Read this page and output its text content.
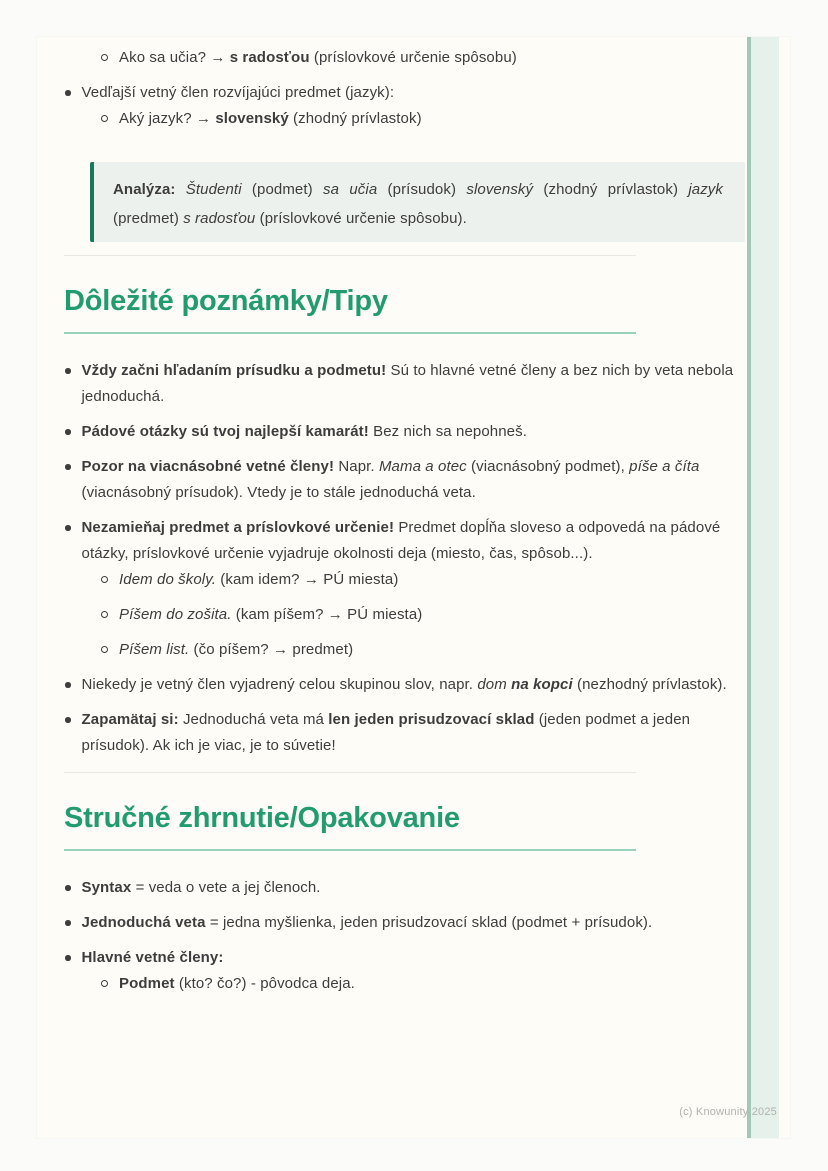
Ako sa učia? → s radosťou (príslovkové určenie spôsobu)
Vedľajší vetný člen rozvíjajúci predmet (jazyk):
Aký jazyk? → slovenský (zhodný prívlastok)

Analýza: Študenti (podmet) sa učia (prísudok) slovenský (zhodný prívlastok) jazyk (predmet) s radosťou (príslovkové určenie spôsobu).

Dôležité poznámky/Tipy
Vždy začni hľadaním prísudku a podmetu! Sú to hlavné vetné členy a bez nich by veta nebola jednoduchá.
Pádové otázky sú tvoj najlepší kamarát! Bez nich sa nepohneš.
Pozor na viacnásobné vetné členy! Napr. Mama a otec (viacnásobný podmet), píše a číta (viacnásobný prísudok). Vtedy je to stále jednoduchá veta.
Nezamieňaj predmet a príslovkové určenie! Predmet dopĺňa sloveso a odpovedá na pádové otázky, príslovkové určenie vyjadruje okolnosti deja (miesto, čas, spôsob...).
Idem do školy. (kam idem? → PÚ miesta)
Píšem do zošita. (kam píšem? → PÚ miesta)
Píšem list. (čo píšem? → predmet)
Niekedy je vetný člen vyjadrený celou skupinou slov, napr. dom na kopci (nezhodný prívlastok).
Zapamätaj si: Jednoduchá veta má len jeden prisudzovací sklad (jeden podmet a jeden prísudok). Ak ich je viac, je to súvetie!
Stručné zhrnutie/Opakovanie
Syntax = veda o vete a jej členoch.
Jednoduchá veta = jedna myšlienka, jeden prisudzovací sklad (podmet + prísudok).
Hlavné vetné členy:
Podmet (kto? čo?) - pôvodca deja.
(c) Knowunity 2025
